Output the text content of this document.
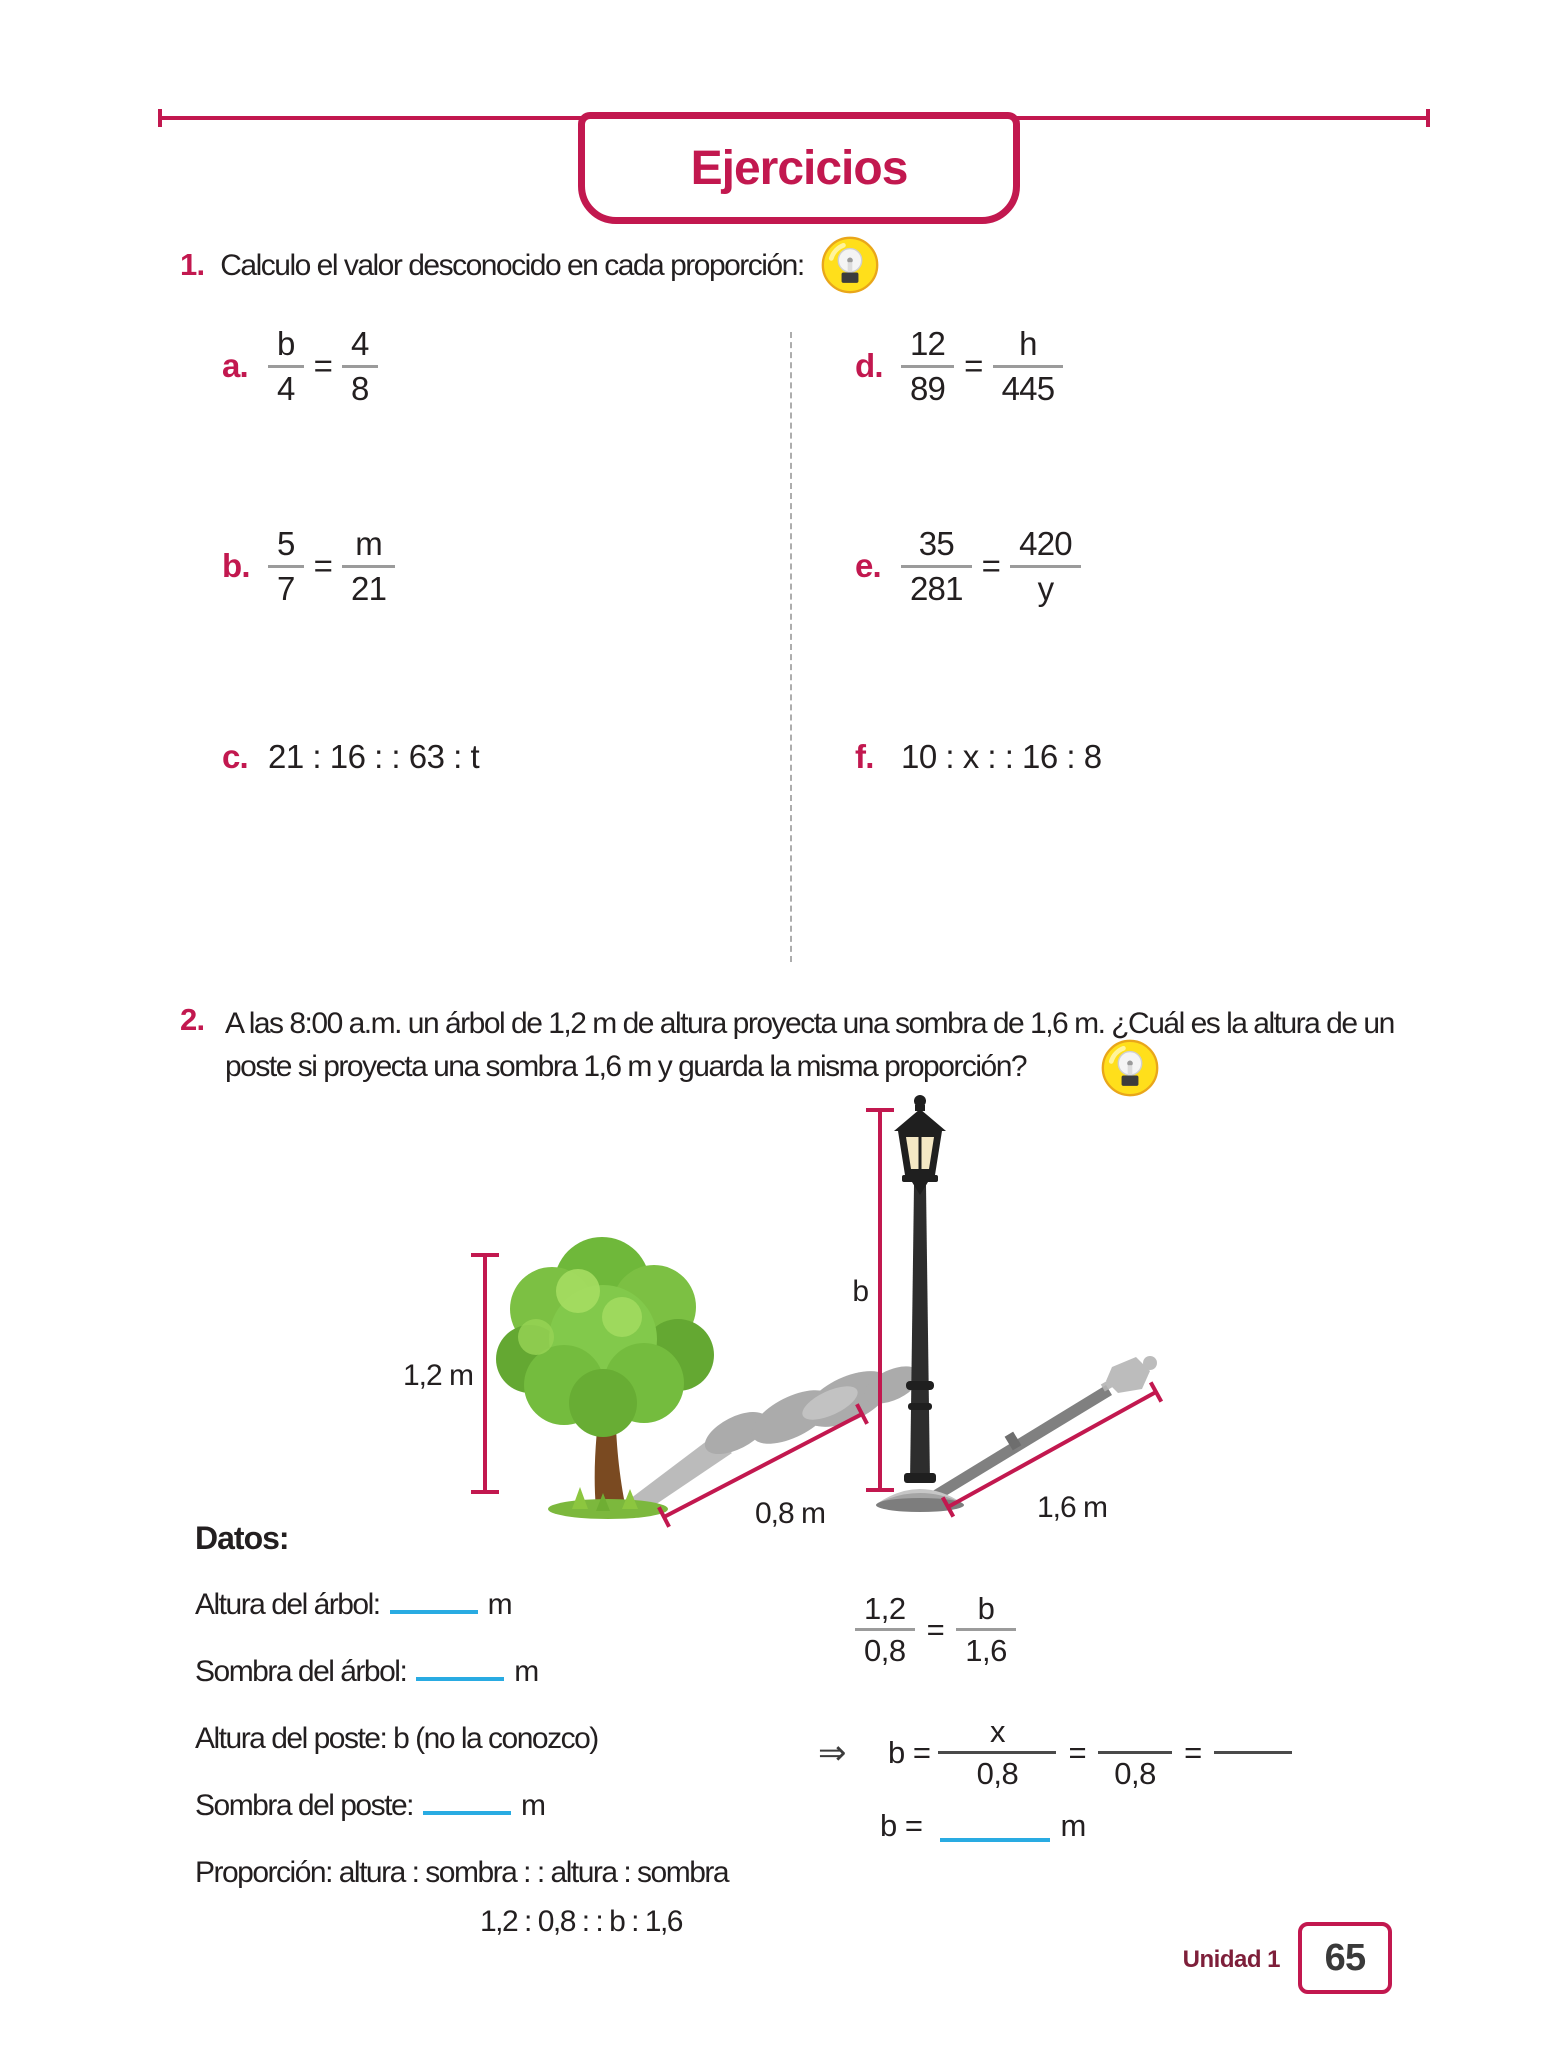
Ejercicios
1. Calculo el valor desconocido en cada proporción:
a. $\frac{b}{4} = \frac{4}{8}$
b. $\frac{5}{7} = \frac{m}{21}$
c. 21 : 16 : : 63 : t
d. $\frac{12}{89} = \frac{h}{445}$
e. $\frac{35}{281} = \frac{420}{y}$
f. 10 : x : : 16 : 8
2. A las 8:00 a.m. un árbol de 1,2 m de altura proyecta una sombra de 1,6 m. ¿Cuál es la altura de un
poste si proyecta una sombra 1,6 m y guarda la misma proporción?
1,2 m
0,8 m
b
1,6 m
Datos:
Altura del árbol:	m
Sombra del árbol:	m
Altura del poste: b (no la conozco)
Sombra del poste:	m
Proporción: altura : sombra : : altura : sombra
1,2 : 0,8 : : b : 1,6
$\frac{1,2}{0,8} = \frac{b}{1,6}$
⇒ $b = \frac{x}{0,8}$ =

0,8
=
b =	m
Unidad 1 65
